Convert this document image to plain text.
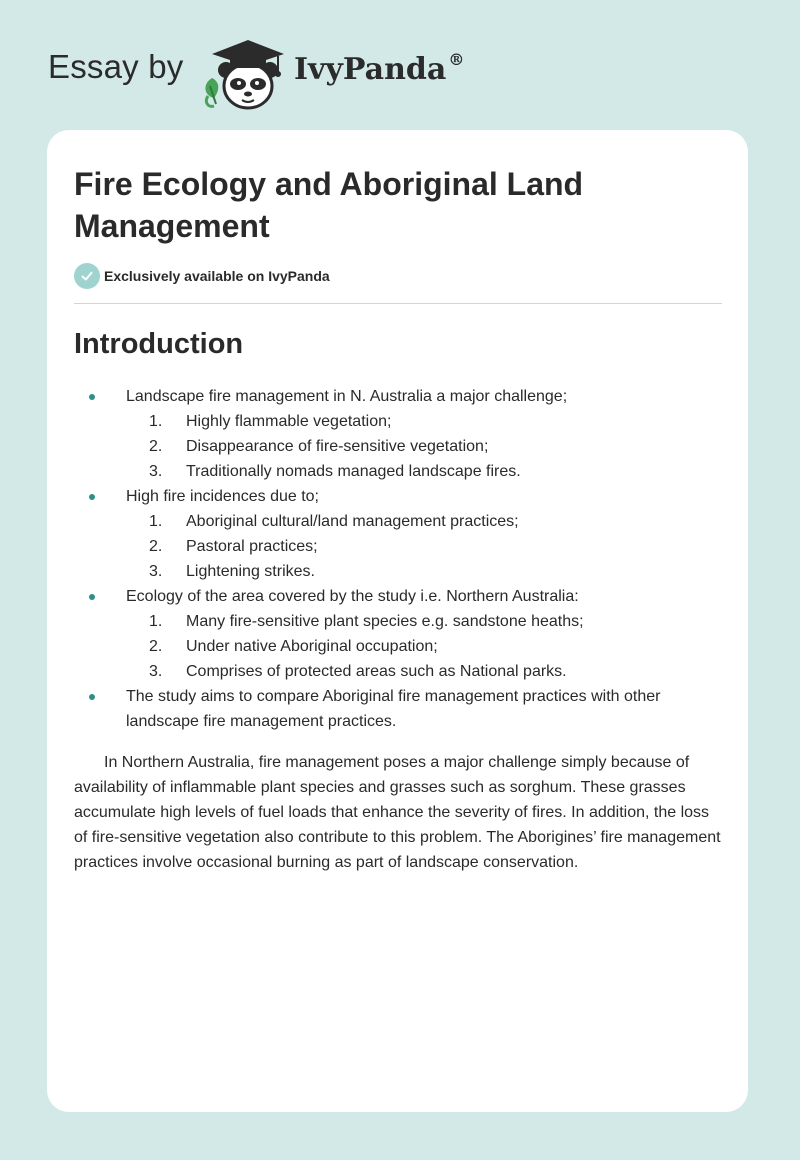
Essay by	IvyPanda ®
Fire Ecology and Aboriginal Land Management
Exclusively available on IvyPanda
Introduction
Landscape fire management in N. Australia a major challenge;
1. Highly flammable vegetation;
2. Disappearance of fire-sensitive vegetation;
3. Traditionally nomads managed landscape fires.
High fire incidences due to;
1. Aboriginal cultural/land management practices;
2. Pastoral practices;
3. Lightening strikes.
Ecology of the area covered by the study i.e. Northern Australia:
1. Many fire-sensitive plant species e.g. sandstone heaths;
2. Under native Aboriginal occupation;
3. Comprises of protected areas such as National parks.
The study aims to compare Aboriginal fire management practices with other landscape fire management practices.

In Northern Australia, fire management poses a major challenge simply because of availability of inflammable plant species and grasses such as sorghum. These grasses accumulate high levels of fuel loads that enhance the severity of fires. In addition, the loss of fire-sensitive vegetation also contribute to this problem. The Aborigines’ fire management practices involve occasional burning as part of landscape conservation.
